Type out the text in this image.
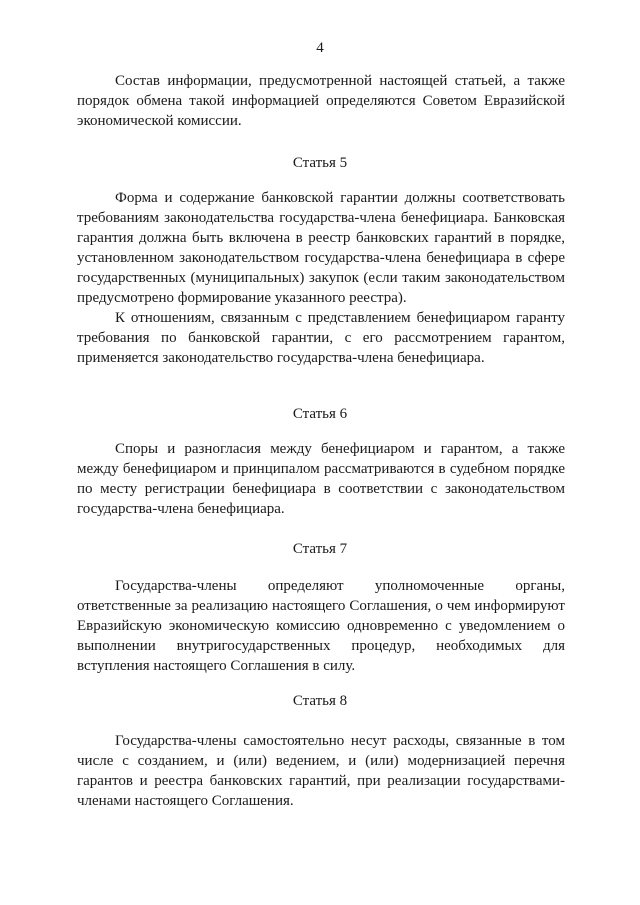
4

Состав информации, предусмотренной настоящей статьей, а также порядок обмена такой информацией определяются Советом Евразийской экономической комиссии.

Статья 5

Форма и содержание банковской гарантии должны соответствовать требованиям законодательства государства-члена бенефициара. Банковская гарантия должна быть включена в реестр банковских гарантий в порядке, установленном законодательством государства-члена бенефициара в сфере государственных (муниципальных) закупок (если таким законодательством предусмотрено формирование указанного реестра).

К отношениям, связанным с представлением бенефициаром гаранту требования по банковской гарантии, с его рассмотрением гарантом, применяется законодательство государства-члена бенефициара.

Статья 6

Споры и разногласия между бенефициаром и гарантом, а также между бенефициаром и принципалом рассматриваются в судебном порядке по месту регистрации бенефициара в соответствии с законодательством государства-члена бенефициара.

Статья 7

Государства-члены определяют уполномоченные органы, ответственные за реализацию настоящего Соглашения, о чем информируют Евразийскую экономическую комиссию одновременно с уведомлением о выполнении внутригосударственных процедур, необходимых для вступления настоящего Соглашения в силу.

Статья 8

Государства-члены самостоятельно несут расходы, связанные в том числе с созданием, и (или) ведением, и (или) модернизацией перечня гарантов и реестра банковских гарантий, при реализации государствами-членами настоящего Соглашения.
